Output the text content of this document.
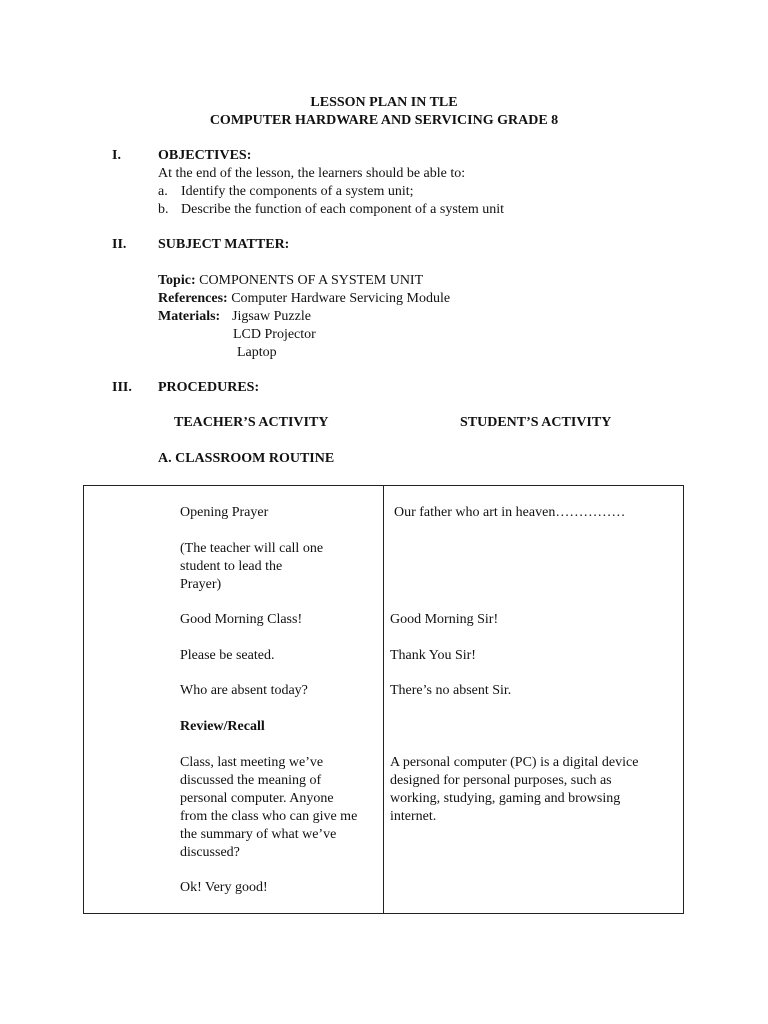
LESSON PLAN IN TLE
COMPUTER HARDWARE AND SERVICING GRADE 8
I.	OBJECTIVES:
At the end of the lesson, the learners should be able to:
a. Identify the components of a system unit;
b. Describe the function of each component of a system unit
II. SUBJECT MATTER:
Topic: COMPONENTS OF A SYSTEM UNIT
References: Computer Hardware Servicing Module
Materials: Jigsaw Puzzle
LCD Projector
Laptop
III. PROCEDURES:
TEACHER’S ACTIVITY	STUDENT’S ACTIVITY
A. CLASSROOM ROUTINE
Opening Prayer
(The teacher will call one
student to lead the
Prayer)
Good Morning Class!
Please be seated.
Who are absent today?
Review/Recall
Class, last meeting we’ve
discussed the meaning of
personal computer. Anyone
from the class who can give me
the summary of what we’ve
discussed?
Ok! Very good!
Our father who art in heaven……………
Good Morning Sir!
Thank You Sir!
There’s no absent Sir.
A personal computer (PC) is a digital device
designed for personal purposes, such as
working, studying, gaming and browsing
internet.
